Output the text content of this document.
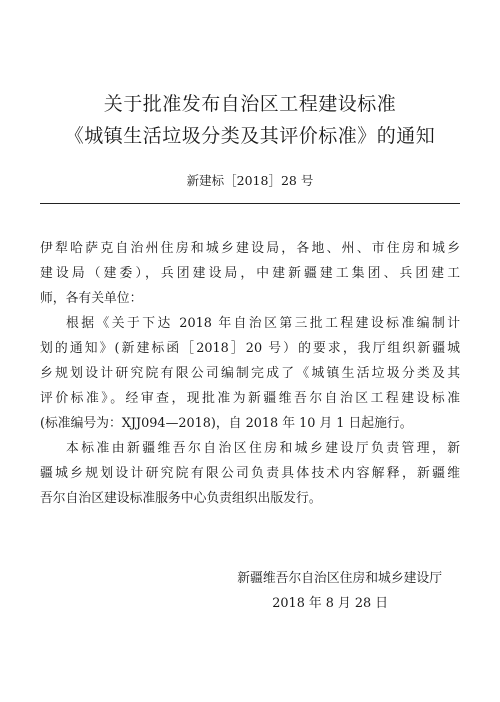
关于批准发布自治区工程建设标准
《城镇生活垃圾分类及其评价标准》的通知
新建标［2018］28 号
伊犁哈萨克自治州住房和城乡建设局，各地、州、市住房和城乡
建设局（建委），兵团建设局，中建新疆建工集团、兵团建工
师，各有关单位：
根据《关于下达 2018 年自治区第三批工程建设标准编制计
划的通知》(新建标函［2018］20 号）的要求，我厅组织新疆城
乡规划设计研究院有限公司编制完成了《城镇生活垃圾分类及其
评价标准》。经审查，现批准为新疆维吾尔自治区工程建设标准
(标准编号为：XJJ094—2018)，自 2018 年 10 月 1 日起施行。
本标准由新疆维吾尔自治区住房和城乡建设厅负责管理，新
疆城乡规划设计研究院有限公司负责具体技术内容解释，新疆维
吾尔自治区建设标准服务中心负责组织出版发行。
新疆维吾尔自治区住房和城乡建设厅
2018 年 8 月 28 日
